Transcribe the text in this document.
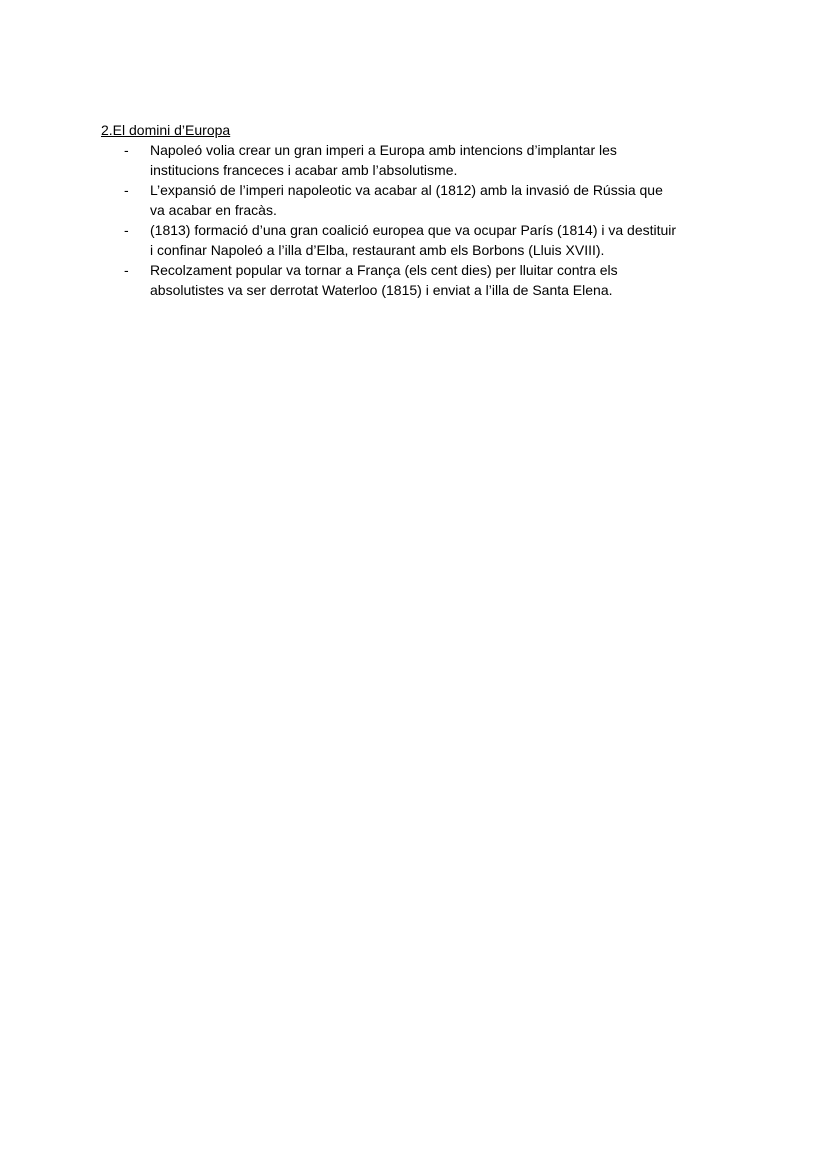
2.El domini d’Europa
- Napoleó volia crear un gran imperi a Europa amb intencions d’implantar les
institucions franceces i acabar amb l’absolutisme.
- L’expansió de l’imperi napoleotic va acabar al (1812) amb la invasió de Rússia que
va acabar en fracàs.
- (1813) formació d’una gran coalició europea que va ocupar París (1814) i va destituir
i confinar Napoleó a l’illa d’Elba, restaurant amb els Borbons (Lluis XVIII).
- Recolzament popular va tornar a França (els cent dies) per lluitar contra els
absolutistes va ser derrotat Waterloo (1815) i enviat a l’illa de Santa Elena.
